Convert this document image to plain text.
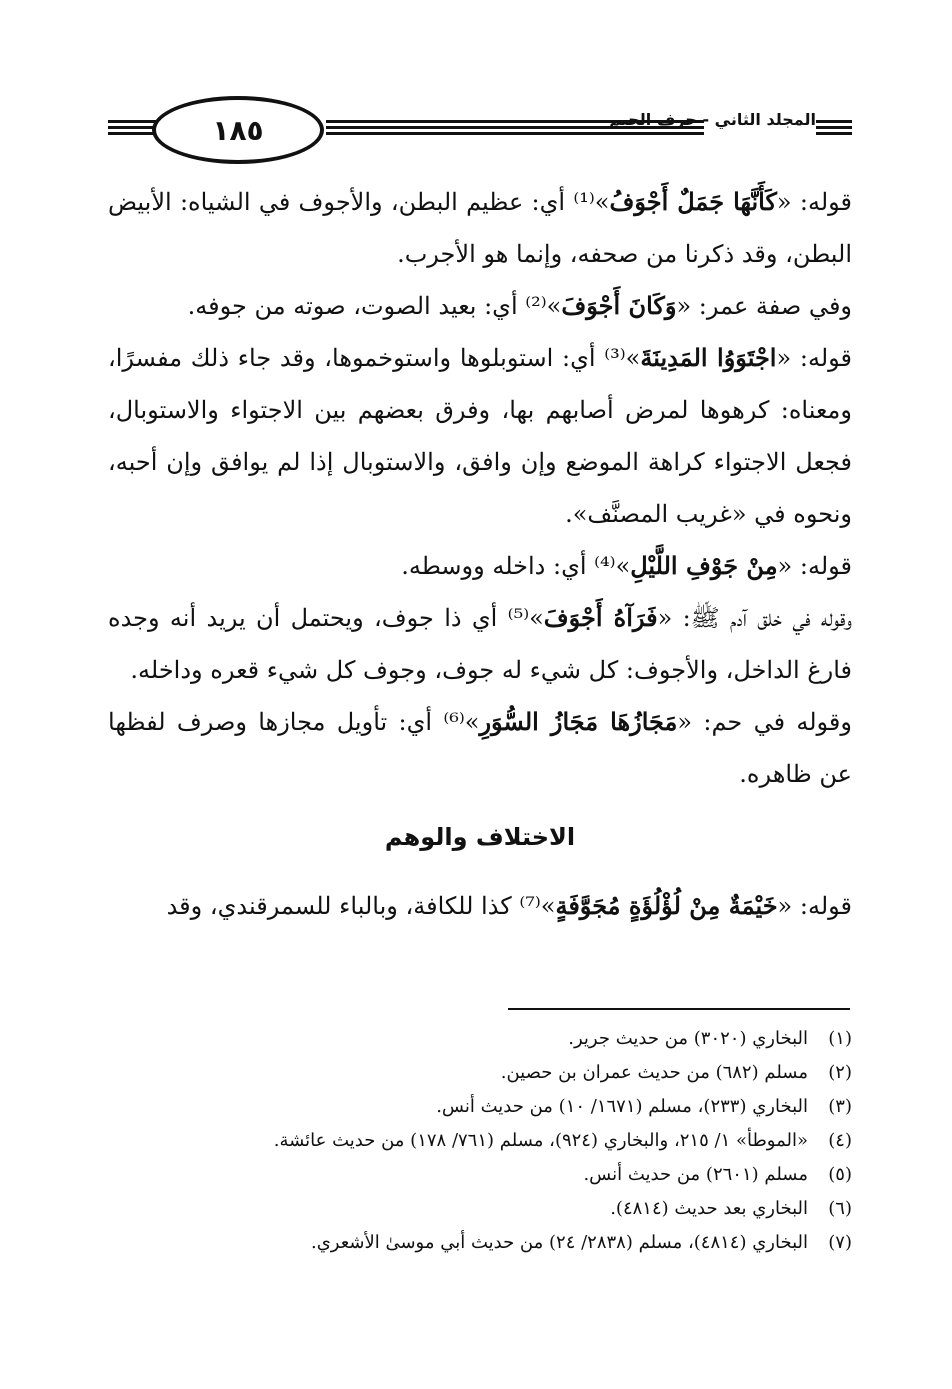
١٨٥	المجلد الثاني - حرف الجيم

قوله: «كَأَنَّهَا جَمَلٌ أَجْوَفُ»⁽¹⁾ أي: عظيم البطن، والأجوف في الشياه: الأبيض البطن، وقد ذكرنا من صحفه، وإنما هو الأجرب.

وفي صفة عمر: «وَكَانَ أَجْوَفَ»⁽²⁾ أي: بعيد الصوت، صوته من جوفه.

قوله: «اجْتَوَوُا المَدِينَةَ»⁽³⁾ أي: استوبلوها واستوخموها، وقد جاء ذلك مفسرًا، ومعناه: كرهوها لمرض أصابهم بها، وفرق بعضهم بين الاجتواء والاستوبال، فجعل الاجتواء كراهة الموضع وإن وافق، والاستوبال إذا لم يوافق وإن أحبه، ونحوه في «غريب المصنَّف».

قوله: «مِنْ جَوْفِ اللَّيْلِ»⁽⁴⁾ أي: داخله ووسطه.

وقوله في خلق آدم ﷺ: «فَرَآهُ أَجْوَفَ»⁽⁵⁾ أي ذا جوف، ويحتمل أن يريد أنه وجده فارغ الداخل، والأجوف: كل شيء له جوف، وجوف كل شيء قعره وداخله.

وقوله في حم: «مَجَازُهَا مَجَازُ السُّوَرِ»⁽⁶⁾ أي: تأويل مجازها وصرف لفظها عن ظاهره.

الاختلاف والوهم

قوله: «خَيْمَةٌ مِنْ لُؤْلُؤَةٍ مُجَوَّفَةٍ»⁽⁷⁾ كذا للكافة، وبالباء للسمرقندي، وقد

(١)البخاري (٣٠٢٠) من حديث جرير.
(٢)مسلم (٦٨٢) من حديث عمران بن حصين.
(٣)البخاري (٢٣٣)، مسلم (١٦٧١/ ١٠) من حديث أنس.
(٤)«الموطأ» ١/ ٢١٥، والبخاري (٩٢٤)، مسلم (٧٦١/ ١٧٨) من حديث عائشة.
(٥)مسلم (٢٦٠١) من حديث أنس.
(٦)البخاري بعد حديث (٤٨١٤).
(٧)البخاري (٤٨١٤)، مسلم (٢٨٣٨/ ٢٤) من حديث أبي موسىٰ الأشعري.
